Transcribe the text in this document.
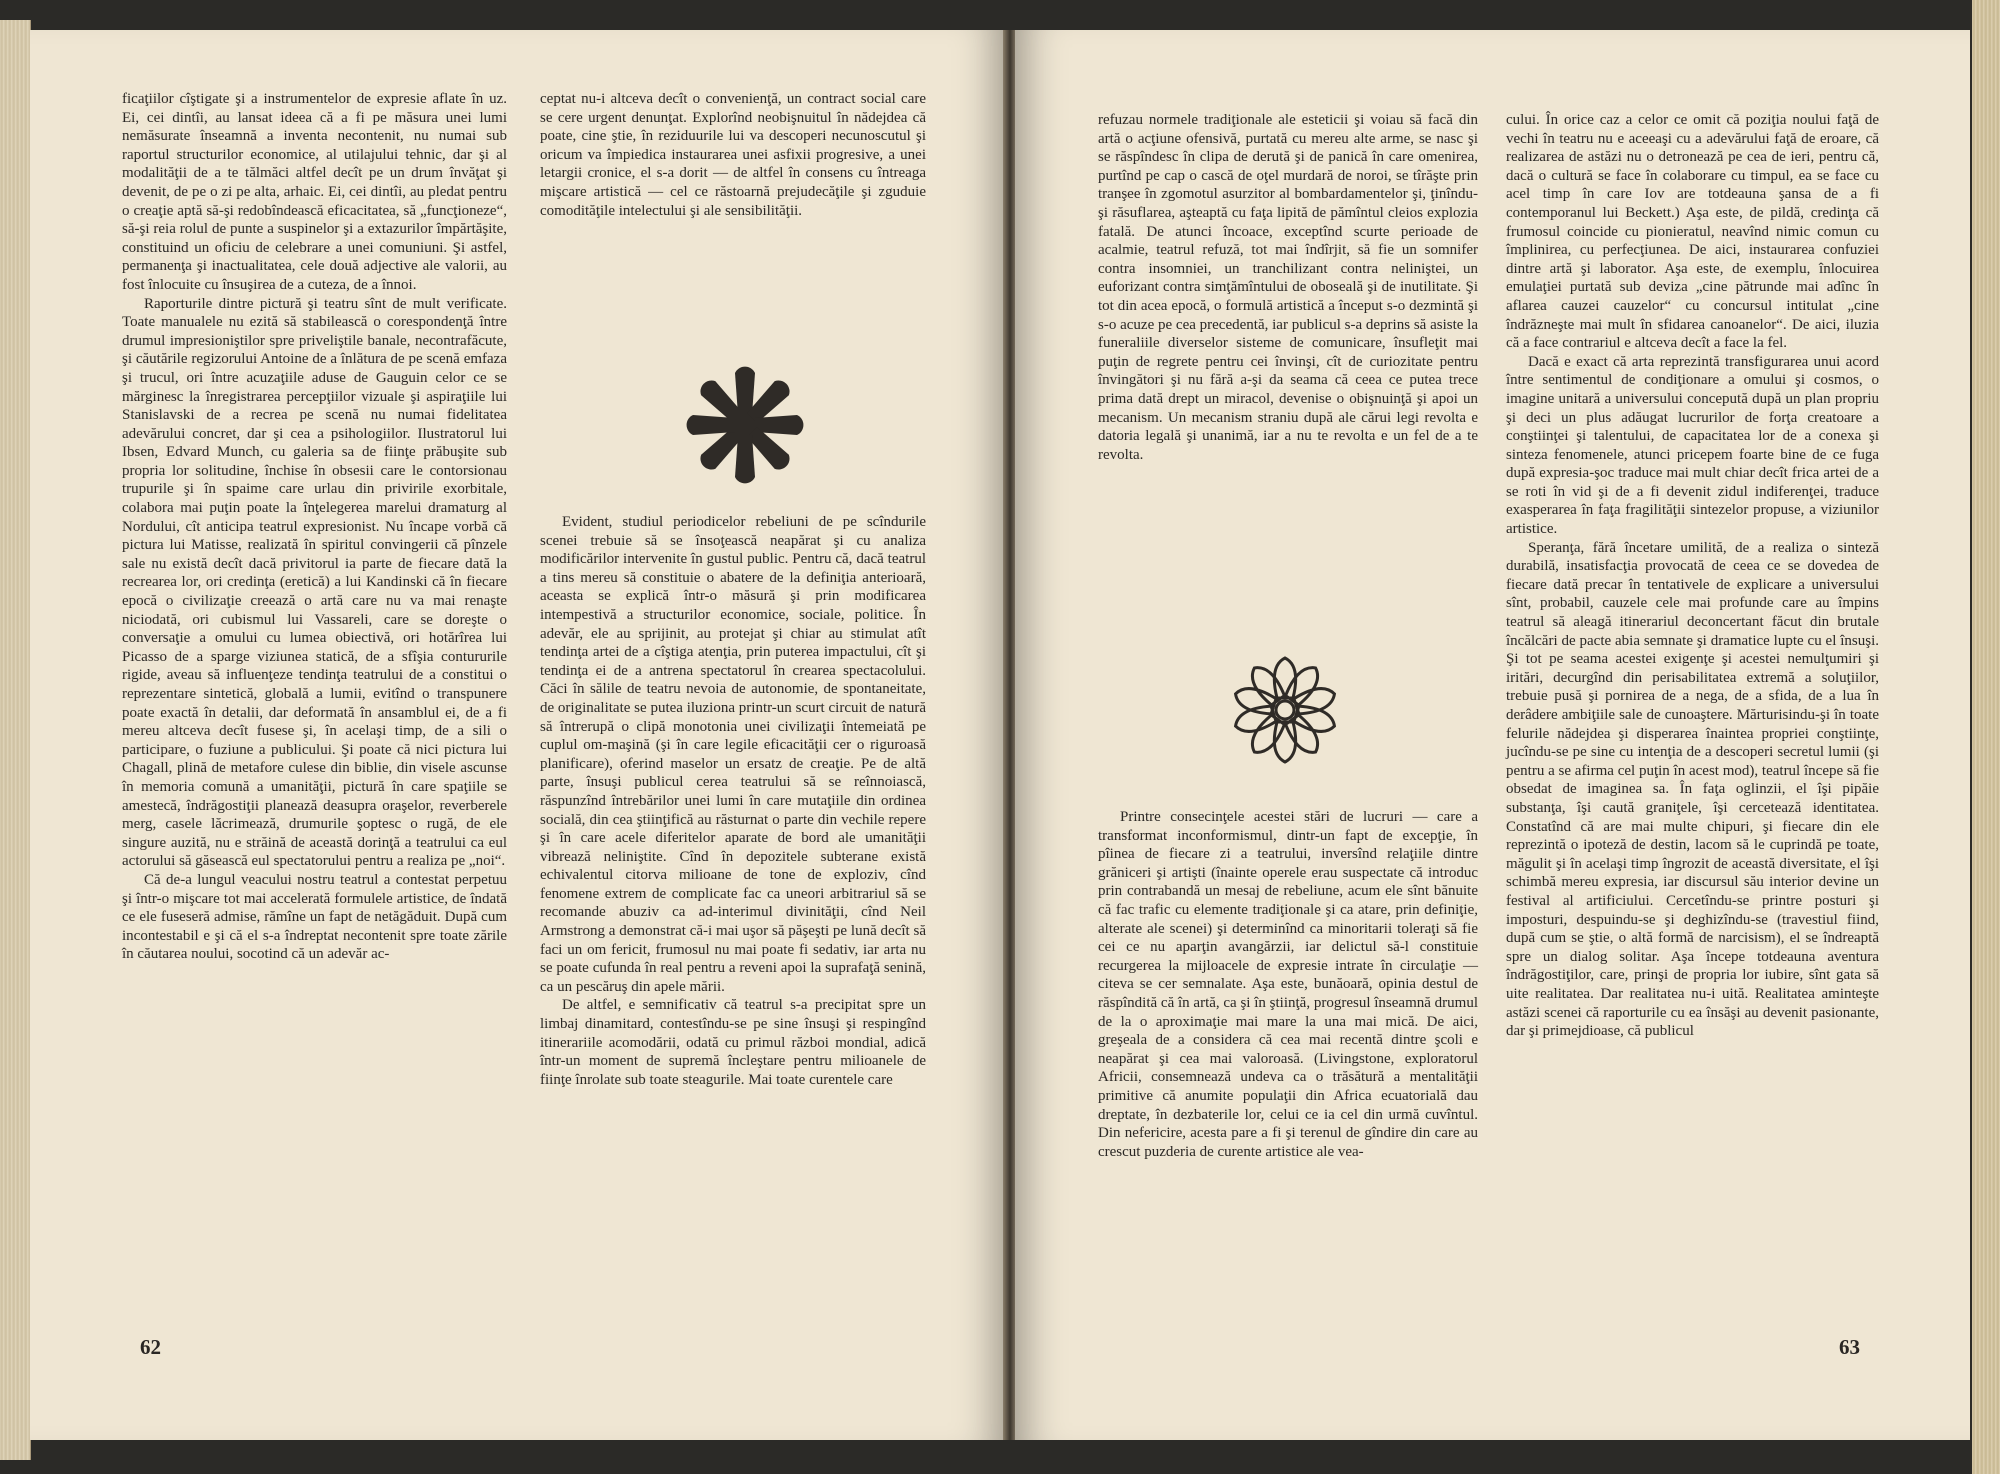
ficaţiilor cîştigate şi a instrumentelor de expresie aflate în uz. Ei, cei dintîi, au lansat ideea că a fi pe măsura unei lumi nemăsurate înseamnă a inventa necontenit, nu numai sub raportul structurilor economice, al utilajului tehnic, dar şi al modalităţii de a te tălmăci altfel decît pe un drum învăţat şi devenit, de pe o zi pe alta, arhaic. Ei, cei dintîi, au pledat pentru o creaţie aptă să-şi redobîndească eficacitatea, să „funcţioneze“, să-şi reia rolul de punte a suspinelor şi a extazurilor împărtăşite, constituind un oficiu de celebrare a unei comuniuni. Şi astfel, permanenţa şi inactualitatea, cele două adjective ale valorii, au fost înlocuite cu însuşirea de a cuteza, de a înnoi.

Raporturile dintre pictură şi teatru sînt de mult verificate. Toate manualele nu ezită să stabilească o corespondenţă între drumul impresioniştilor spre priveliştile banale, necontrafăcute, şi căutările regizorului Antoine de a înlătura de pe scenă emfaza şi trucul, ori între acuzaţiile aduse de Gauguin celor ce se mărginesc la înregistrarea percepţiilor vizuale şi aspiraţiile lui Stanislavski de a recrea pe scenă nu numai fidelitatea adevărului concret, dar şi cea a psihologiilor. Ilustratorul lui Ibsen, Edvard Munch, cu galeria sa de fiinţe prăbuşite sub propria lor solitudine, închise în obsesii care le contorsionau trupurile şi în spaime care urlau din privirile exorbitale, colabora mai puţin poate la înţelegerea marelui dramaturg al Nordului, cît anticipa teatrul expresionist. Nu încape vorbă că pictura lui Matisse, realizată în spiritul convingerii că pînzele sale nu există decît dacă privitorul ia parte de fiecare dată la recrearea lor, ori credinţa (eretică) a lui Kandinski că în fiecare epocă o civilizaţie creează o artă care nu va mai renaşte niciodată, ori cubismul lui Vassareli, care se doreşte o conversaţie a omului cu lumea obiectivă, ori hotărîrea lui Picasso de a sparge viziunea statică, de a sfîşia contururile rigide, aveau să influenţeze tendinţa teatrului de a constitui o reprezentare sintetică, globală a lumii, evitînd o transpunere poate exactă în detalii, dar deformată în ansamblul ei, de a fi mereu altceva decît fusese şi, în acelaşi timp, de a sili o participare, o fuziune a publicului. Şi poate că nici pictura lui Chagall, plină de metafore culese din biblie, din visele ascunse în memoria comună a umanităţii, pictură în care spaţiile se amestecă, îndrăgostiţii planează deasupra oraşelor, reverberele merg, casele lăcrimează, drumurile şoptesc o rugă, de ele singure auzită, nu e străină de această dorinţă a teatrului ca eul actorului să găsească eul spectatorului pentru a realiza pe „noi“.

Că de-a lungul veacului nostru teatrul a contestat perpetuu şi într-o mişcare tot mai accelerată formulele artistice, de îndată ce ele fuseseră admise, rămîne un fapt de netăgăduit. După cum incontestabil e şi că el s-a îndreptat necontenit spre toate zările în căutarea noului, socotind că un adevăr ac-

ceptat nu-i altceva decît o convenienţă, un contract social care se cere urgent denunţat. Explorînd neobişnuitul în nădejdea că poate, cine ştie, în reziduurile lui va descoperi necunoscutul şi oricum va împiedica instaurarea unei asfixii progresive, a unei letargii cronice, el s-a dorit — de altfel în consens cu întreaga mişcare artistică — cel ce răstoarnă prejudecăţile şi zguduie comodităţile intelectului şi ale sensibilităţii.

Evident, studiul periodicelor rebeliuni de pe scîndurile scenei trebuie să se însoţească neapărat şi cu analiza modificărilor intervenite în gustul public. Pentru că, dacă teatrul a tins mereu să constituie o abatere de la definiţia anterioară, aceasta se explică într-o măsură şi prin modificarea intempestivă a structurilor economice, sociale, politice. În adevăr, ele au sprijinit, au protejat şi chiar au stimulat atît tendinţa artei de a cîştiga atenţia, prin puterea impactului, cît şi tendinţa ei de a antrena spectatorul în crearea spectacolului. Căci în sălile de teatru nevoia de autonomie, de spontaneitate, de originalitate se putea iluziona printr-un scurt circuit de natură să întrerupă o clipă monotonia unei civilizaţii întemeiată pe cuplul om-maşină (şi în care legile eficacităţii cer o riguroasă planificare), oferind maselor un ersatz de creaţie. Pe de altă parte, însuşi publicul cerea teatrului să se reînnoiască, răspunzînd întrebărilor unei lumi în care mutaţiile din ordinea socială, din cea ştiinţifică au răsturnat o parte din vechile repere şi în care acele diferitelor aparate de bord ale umanităţii vibrează neliniştite. Cînd în depozitele subterane există echivalentul citorva milioane de tone de exploziv, cînd fenomene extrem de complicate fac ca uneori arbitrariul să se recomande abuziv ca ad-interimul divinităţii, cînd Neil Armstrong a demonstrat că-i mai uşor să păşeşti pe lună decît să faci un om fericit, frumosul nu mai poate fi sedativ, iar arta nu se poate cufunda în real pentru a reveni apoi la suprafaţă senină, ca un pescăruş din apele mării.

De altfel, e semnificativ că teatrul s-a precipitat spre un limbaj dinamitard, contestîndu-se pe sine însuşi şi respingînd itinerariile acomodării, odată cu primul război mondial, adică într-un moment de supremă încleştare pentru milioanele de fiinţe înrolate sub toate steagurile. Mai toate curentele care

62

refuzau normele tradiţionale ale esteticii şi voiau să facă din artă o acţiune ofensivă, purtată cu mereu alte arme, se nasc şi se răspîndesc în clipa de derută şi de panică în care omenirea, purtînd pe cap o cască de oţel murdară de noroi, se tîrăşte prin tranşee în zgomotul asurzitor al bombardamentelor şi, ţinîndu-şi răsuflarea, aşteaptă cu faţa lipită de pămîntul cleios explozia fatală. De atunci încoace, exceptînd scurte perioade de acalmie, teatrul refuză, tot mai îndîrjit, să fie un somnifer contra insomniei, un tranchilizant contra neliniştei, un euforizant contra simţămîntului de oboseală şi de inutilitate. Şi tot din acea epocă, o formulă artistică a început s-o dezmintă şi s-o acuze pe cea precedentă, iar publicul s-a deprins să asiste la funeraliile diverselor sisteme de comunicare, însufleţit mai puţin de regrete pentru cei învinşi, cît de curiozitate pentru învingători şi nu fără a-şi da seama că ceea ce putea trece prima dată drept un miracol, devenise o obişnuinţă şi apoi un mecanism. Un mecanism straniu după ale cărui legi revolta e datoria legală şi unanimă, iar a nu te revolta e un fel de a te revolta.

Printre consecinţele acestei stări de lucruri — care a transformat inconformismul, dintr-un fapt de excepţie, în pîinea de fiecare zi a teatrului, inversînd relaţiile dintre grăniceri şi artişti (înainte operele erau suspectate că introduc prin contrabandă un mesaj de rebeliune, acum ele sînt bănuite că fac trafic cu elemente tradiţionale şi ca atare, prin definiţie, alterate ale scenei) şi determinînd ca minoritarii toleraţi să fie cei ce nu aparţin avangărzii, iar delictul să-l constituie recurgerea la mijloacele de expresie intrate în circulaţie — citeva se cer semnalate. Aşa este, bunăoară, opinia destul de răspîndită că în artă, ca şi în ştiinţă, progresul înseamnă drumul de la o aproximaţie mai mare la una mai mică. De aici, greşeala de a considera că cea mai recentă dintre şcoli e neapărat şi cea mai valoroasă. (Livingstone, exploratorul Africii, consemnează undeva ca o trăsătură a mentalităţii primitive că anumite populaţii din Africa ecuatorială dau dreptate, în dezbaterile lor, celui ce ia cel din urmă cuvîntul. Din nefericire, acesta pare a fi şi terenul de gîndire din care au crescut puzderia de curente artistice ale vea-

cului. În orice caz a celor ce omit că poziţia noului faţă de vechi în teatru nu e aceeaşi cu a adevărului faţă de eroare, că realizarea de astăzi nu o detronează pe cea de ieri, pentru că, dacă o cultură se face în colaborare cu timpul, ea se face cu acel timp în care Iov are totdeauna şansa de a fi contemporanul lui Beckett.) Aşa este, de pildă, credinţa că frumosul coincide cu pionieratul, neavînd nimic comun cu împlinirea, cu perfecţiunea. De aici, instaurarea confuziei dintre artă şi laborator. Aşa este, de exemplu, înlocuirea emulaţiei purtată sub deviza „cine pătrunde mai adînc în aflarea cauzei cauzelor“ cu concursul intitulat „cine îndrăzneşte mai mult în sfidarea canoanelor“. De aici, iluzia că a face contrariul e altceva decît a face la fel.

Dacă e exact că arta reprezintă transfigurarea unui acord între sentimentul de condiţionare a omului şi cosmos, o imagine unitară a universului concepută după un plan propriu şi deci un plus adăugat lucrurilor de forţa creatoare a conştiinţei şi talentului, de capacitatea lor de a conexa şi sinteza fenomenele, atunci pricepem foarte bine de ce fuga după expresia-şoc traduce mai mult chiar decît frica artei de a se roti în vid şi de a fi devenit zidul indiferenţei, traduce exasperarea în faţa fragilităţii sintezelor propuse, a viziunilor artistice.

Speranţa, fără încetare umilită, de a realiza o sinteză durabilă, insatisfacţia provocată de ceea ce se dovedea de fiecare dată precar în tentativele de explicare a universului sînt, probabil, cauzele cele mai profunde care au împins teatrul să aleagă itinerariul deconcertant făcut din brutale încălcări de pacte abia semnate şi dramatice lupte cu el însuşi. Şi tot pe seama acestei exigenţe şi acestei nemulţumiri şi iritări, decurgînd din perisabilitatea extremă a soluţiilor, trebuie pusă şi pornirea de a nega, de a sfida, de a lua în derâdere ambiţiile sale de cunoaştere. Mărturisindu-şi în toate felurile nădejdea şi disperarea înaintea propriei conştiinţe, jucîndu-se pe sine cu intenţia de a descoperi secretul lumii (şi pentru a se afirma cel puţin în acest mod), teatrul începe să fie obsedat de imaginea sa. În faţa oglinzii, el îşi pipăie substanţa, îşi caută graniţele, îşi cercetează identitatea. Constatînd că are mai multe chipuri, şi fiecare din ele reprezintă o ipoteză de destin, lacom să le cuprindă pe toate, măgulit şi în acelaşi timp îngrozit de această diversitate, el îşi schimbă mereu expresia, iar discursul său interior devine un festival al artificiului. Cercetîndu-se printre posturi şi imposturi, despuindu-se şi deghizîndu-se (travestiul fiind, după cum se ştie, o altă formă de narcisism), el se îndreaptă spre un dialog solitar. Aşa începe totdeauna aventura îndrăgostiţilor, care, prinşi de propria lor iubire, sînt gata să uite realitatea. Dar realitatea nu-i uită. Realitatea aminteşte astăzi scenei că raporturile cu ea însăşi au devenit pasionante, dar şi primejdioase, că publicul

63
